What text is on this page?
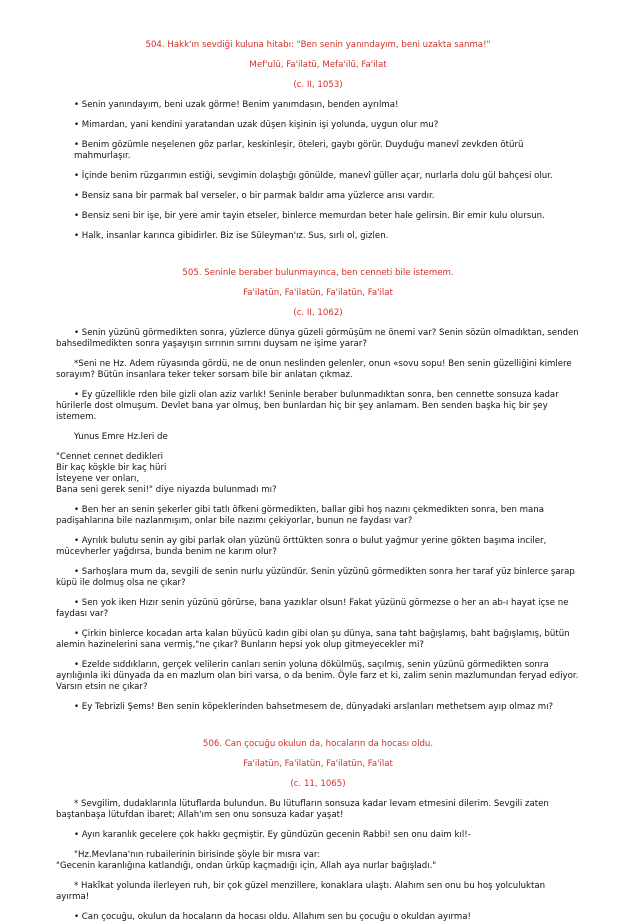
504. Hakk'ın sevdiği kuluna hitabı: "Ben senin yanındayım, beni uzakta sanma!"
Mef'ulü, Fa'ilatü, Mefa'ilü, Fa'ilat
(c. II, 1053)
• Senin yanındayım, beni uzak görme! Benim yanımdasın, benden ayrılma!
• Mimardan, yani kendini yaratandan uzak düşen kişinin işi yolunda, uygun olur mu?
• Benim gözümle neşelenen göz parlar, keskinleşir, öteleri, gaybı görür. Duyduğu manevî zevkden ötürü mahmurlaşır.
• İçinde benim rüzgarımın estiği, sevgimin dolaştığı gönülde, manevî güller açar, nurlarla dolu gül bahçesi olur.
• Bensiz sana bir parmak bal verseler, o bir parmak baldır ama yüzlerce arısı vardır.
• Bensiz seni bir işe, bir yere amir tayin etseler, binlerce memurdan beter hale gelirsin. Bir emir kulu olursun.
• Halk, insanlar karınca gibidirler. Biz ise Süleyman'ız. Sus, sırlı ol, gizlen.
505. Seninle beraber bulunmayınca, ben cenneti bile istemem.
Fa'ilatün, Fa'ilatün, Fa'ilatün, Fa'ilat
(c. II, 1062)
• Senin yüzünü görmedikten sonra, yüzlerce dünya güzeli görmüşüm ne önemi var? Senin sözün olmadıktan, senden
bahsedilmedikten sonra yaşayışın sırrının sırrını duysam ne işime yarar?
*Seni ne Hz. Adem rüyasında gördü, ne de onun neslinden gelenler, onun «sovu sopu! Ben senin güzelliğini kimlere
sorayım? Bütün insanlara teker teker sorsam bile bir anlatan çıkmaz.
• Ey güzellikle rden bile gizli olan aziz varlık! Seninle beraber bulunmadıktan sonra, ben cennette sonsuza kadar
hürilerle dost olmuşum. Devlet bana yar olmuş, ben bunlardan hiç bir şey anlamam. Ben senden başka hiç bir şey
istemem.
Yunus Emre Hz.leri de
"Cennet cennet dedikleri
Bir kaç köşkle bir kaç hüri
İsteyene ver onları,
Bana seni gerek seni!" diye niyazda bulunmadı mı?
• Ben her an senin şekerler gibi tatlı öfkeni görmedikten, ballar gibi hoş nazını çekmedikten sonra, ben mana
padişahlarına bile nazlanmışım, onlar bile nazımı çekiyorlar, bunun ne faydası var?
• Ayrılık bulutu senin ay gibi parlak olan yüzünü örttükten sonra o bulut yağmur yerine gökten başıma inciler,
mücevherler yağdırsa, bunda benim ne karım olur?
• Sarhoşlara mum da, sevgili de senin nurlu yüzündür. Senin yüzünü görmedikten sonra her taraf yüz binlerce şarap
küpü ile dolmuş olsa ne çıkar?
• Sen yok iken Hızır senin yüzünü görürse, bana yazıklar olsun! Fakat yüzünü görmezse o her an ab-ı hayat içse ne
faydası var?
• Çirkin binlerce kocadan arta kalan büyücü kadın gibi olan şu dünya, sana taht bağışlamış, baht bağışlamış, bütün
alemin hazinelerini sana vermiş,"ne çıkar? Bunların hepsi yok olup gitmeyecekler mi?
• Ezelde sıddıkların, gerçek velilerin canları senin yoluna dökülmüş, saçılmış, senin yüzünü görmedikten sonra
ayrılığınla iki dünyada da en mazlum olan biri varsa, o da benim. Öyle farz et ki, zalim senin mazlumundan feryad ediyor.
Varsın etsin ne çıkar?
• Ey Tebrizli Şems! Ben senin köpeklerinden bahsetmesem de, dünyadaki arslanları methetsem ayıp olmaz mı?
506. Can çocuğu okulun da, hocaların da hocası oldu.
Fa'ilatün, Fa'ilatün, Fa'ilatün, Fa'ilat
(c. 11, 1065)
* Sevgilim, dudaklarınla lütuflarda bulundun. Bu lütufların sonsuza kadar levam etmesini dilerim. Sevgili zaten
baştanbaşa lütufdan ibaret; Allah'ım sen onu sonsuza kadar yaşat!
• Ayın karanlık gecelere çok hakkı geçmiştir. Ey gündüzün gecenin Rabbi! sen onu daim kıl!-
"Hz.Mevlana'nın rubailerinin birisinde şöyle bir mısra var:
"Gecenin karanlığına katlandığı, ondan ürküp kaçmadığı için, Allah aya nurlar bağışladı."
* Hakîkat yolunda ilerleyen ruh, bir çok güzel menzillere, konaklara ulaştı. Alahım sen onu bu hoş yolculuktan
ayırma!
• Can çocuğu, okulun da hocaların da hocası oldu. Allahım sen bu çocuğu o okuldan ayırma!
